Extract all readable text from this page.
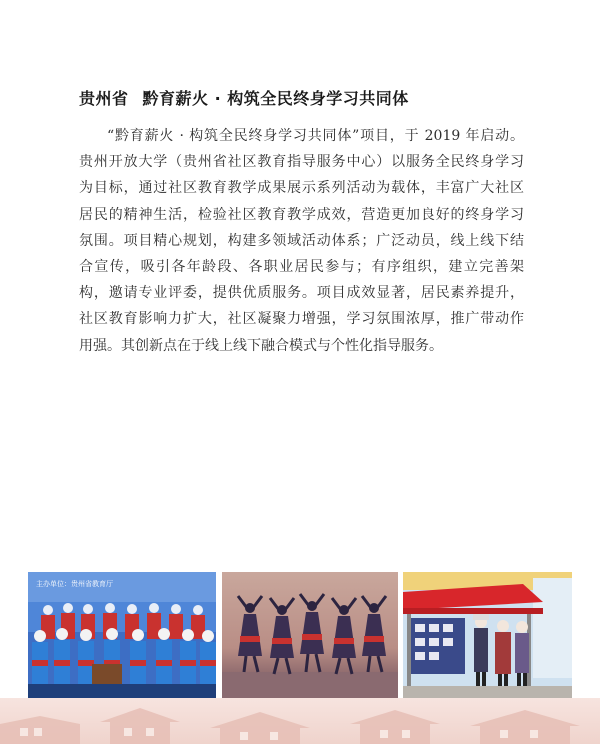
贵州省 黔育薪火 · 构筑全民终身学习共同体
“黔育薪火 · 构筑全民终身学习共同体”项目，于 2019 年启动。
贵州开放大学（贵州省社区教育指导服务中心）以服务全民终身学习
为目标，通过社区教育教学成果展示系列活动为载体，丰富广大社区
居民的精神生活，检验社区教育教学成效，营造更加良好的终身学习
氛围。项目精心规划，构建多领域活动体系；广泛动员，线上线下结
合宣传，吸引各年龄段、各职业居民参与；有序组织，建立完善架
构，邀请专业评委，提供优质服务。项目成效显著，居民素养提升，
社区教育影响力扩大，社区凝聚力增强，学习氛围浓厚，推广带动作
用强。其创新点在于线上线下融合模式与个性化指导服务。
主办单位：贵州省教育厅
